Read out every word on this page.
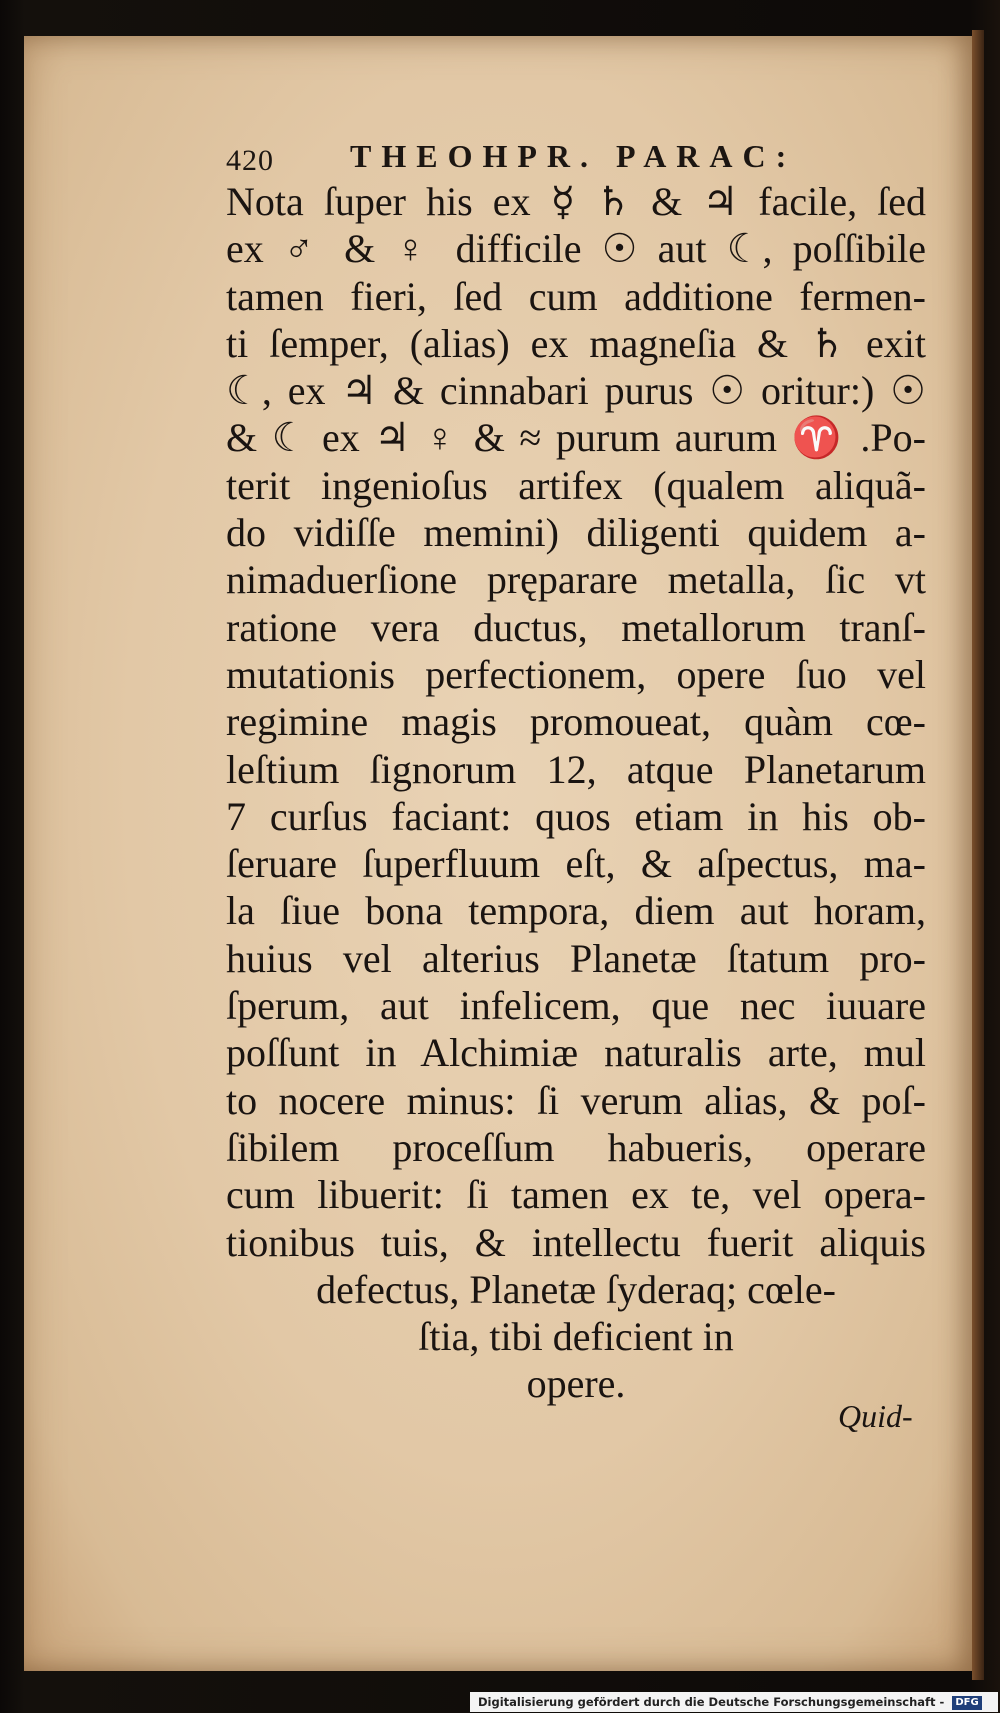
420 THEOHPR. PARAC:
Nota ſuper his ex ☿ ♄ & ♃ facile, ſed
ex ♂ & ♀ difficile ☉ aut ☾, poſſibile
tamen fieri, ſed cum additione fermen-
ti ſemper, (alias) ex magneſia & ♄ exit
☾, ex ♃ & cinnabari purus ☉ oritur:) ☉
& ☾ ex ♃ ♀ & ≈ purum aurum ♈ .Po-
terit ingenioſus artifex (qualem aliquã-
do vidiſſe memini) diligenti quidem a-
nimaduerſione pręparare metalla, ſic vt
ratione vera ductus, metallorum tranſ-
mutationis perfectionem, opere ſuo vel
regimine magis promoueat, quàm cœ-
leſtium ſignorum 12, atque Planetarum
7 curſus faciant: quos etiam in his ob-
ſeruare ſuperfluum eſt, & aſpectus, ma-
la ſiue bona tempora, diem aut horam,
huius vel alterius Planetæ ſtatum pro-
ſperum, aut infelicem, que nec iuuare
poſſunt in Alchimiæ naturalis arte, mul
to nocere minus: ſi verum alias, & poſ-
ſibilem proceſſum habueris, operare
cum libuerit: ſi tamen ex te, vel opera-
tionibus tuis, & intellectu fuerit aliquis
defectus, Planetæ ſyderaq; cœle-
ſtia, tibi deficient in
opere.
Quid-
Digitalisierung gefördert durch die Deutsche Forschungsgemeinschaft - DFG
